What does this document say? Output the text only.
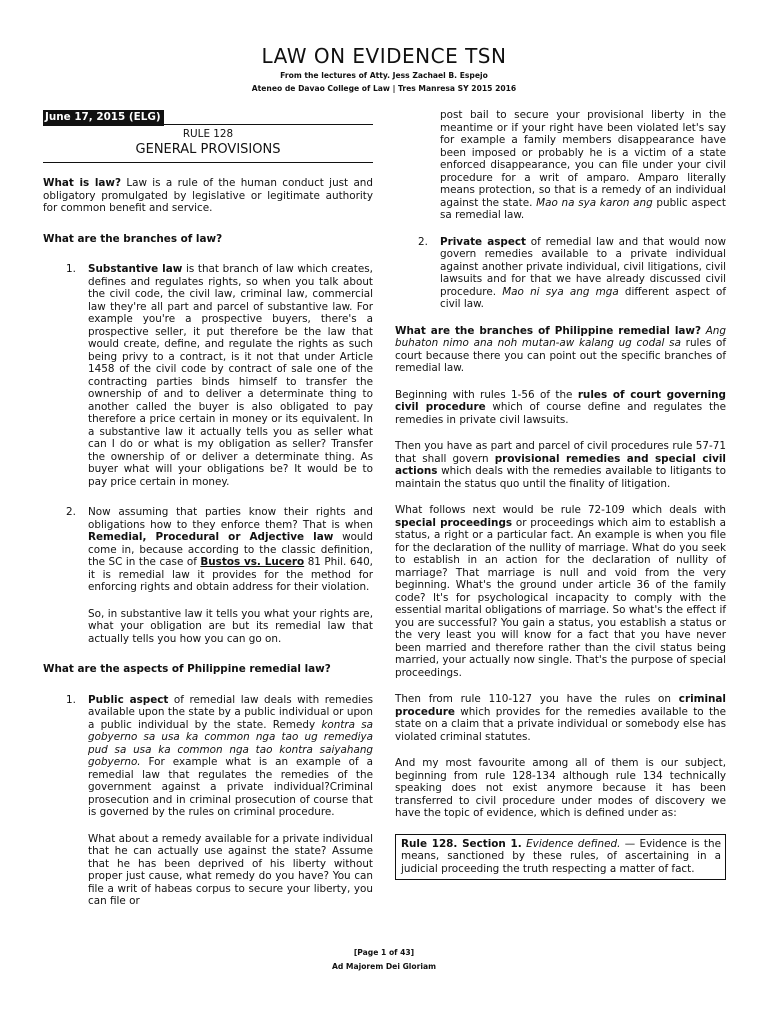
LAW ON EVIDENCE TSN
From the lectures of Atty. Jess Zachael B. Espejo
Ateneo de Davao College of Law | Tres Manresa SY 2015 2016
June 17, 2015 (ELG)
RULE 128
GENERAL PROVISIONS

What is law? Law is a rule of the human conduct just and obligatory promulgated by legislative or legitimate authority for common benefit and service.

What are the branches of law?

1.	Substantive law is that branch of law which creates, defines and regulates rights, so when you talk about the civil code, the civil law, criminal law, commercial law they're all part and parcel of substantive law. For example you're a prospective buyers, there's a prospective seller, it put therefore be the law that would create, define, and regulate the rights as such being privy to a contract, is it not that under Article 1458 of the civil code by contract of sale one of the contracting parties binds himself to transfer the ownership of and to deliver a determinate thing to another called the buyer is also obligated to pay therefore a price certain in money or its equivalent. In a substantive law it actually tells you as seller what can I do or what is my obligation as seller? Transfer the ownership of or deliver a determinate thing. As buyer what will your obligations be? It would be to pay price certain in money.
2.	Now assuming that parties know their rights and obligations how to they enforce them? That is when Remedial, Procedural or Adjective law would come in, because according to the classic definition, the SC in the case of Bustos vs. Lucero 81 Phil. 640, it is remedial law it provides for the method for enforcing rights and obtain address for their violation.

So, in substantive law it tells you what your rights are, what your obligation are but its remedial law that actually tells you how you can go on.

What are the aspects of Philippine remedial law?

1.	Public aspect of remedial law deals with remedies available upon the state by a public individual or upon a public individual by the state. Remedy kontra sa gobyerno sa usa ka common nga tao ug remediya pud sa usa ka common nga tao kontra saiyahang gobyerno. For example what is an example of a remedial law that regulates the remedies of the government against a private individual?Criminal prosecution and in criminal prosecution of course that is governed by the rules on criminal procedure.

What about a remedy available for a private individual that he can actually use against the state? Assume that he has been deprived of his liberty without proper just cause, what remedy do you have? You can file a writ of habeas corpus to secure your liberty, you can file or

post bail to secure your provisional liberty in the meantime or if your right have been violated let's say for example a family members disappearance have been imposed or probably he is a victim of a state enforced disappearance, you can file under your civil procedure for a writ of amparo. Amparo literally means protection, so that is a remedy of an individual against the state. Mao na sya karon ang public aspect sa remedial law.
2.	Private aspect of remedial law and that would now govern remedies available to a private individual against another private individual, civil litigations, civil lawsuits and for that we have already discussed civil procedure. Mao ni sya ang mga different aspect of civil law.

What are the branches of Philippine remedial law? Ang buhaton nimo ana noh mutan-aw kalang ug codal sa rules of court because there you can point out the specific branches of remedial law.

Beginning with rules 1-56 of the rules of court governing civil procedure which of course define and regulates the remedies in private civil lawsuits.

Then you have as part and parcel of civil procedures rule 57-71 that shall govern provisional remedies and special civil actions which deals with the remedies available to litigants to maintain the status quo until the finality of litigation.

What follows next would be rule 72-109 which deals with special proceedings or proceedings which aim to establish a status, a right or a particular fact. An example is when you file for the declaration of the nullity of marriage. What do you seek to establish in an action for the declaration of nullity of marriage? That marriage is null and void from the very beginning. What's the ground under article 36 of the family code? It's for psychological incapacity to comply with the essential marital obligations of marriage. So what's the effect if you are successful? You gain a status, you establish a status or the very least you will know for a fact that you have never been married and therefore rather than the civil status being married, your actually now single. That's the purpose of special proceedings.

Then from rule 110-127 you have the rules on criminal procedure which provides for the remedies available to the state on a claim that a private individual or somebody else has violated criminal statutes.

And my most favourite among all of them is our subject, beginning from rule 128-134 although rule 134 technically speaking does not exist anymore because it has been transferred to civil procedure under modes of discovery we have the topic of evidence, which is defined under as:

Rule 128. Section 1. Evidence defined. — Evidence is the means, sanctioned by these rules, of ascertaining in a judicial proceeding the truth respecting a matter of fact.
[Page 1 of 43]
Ad Majorem Dei Gloriam
